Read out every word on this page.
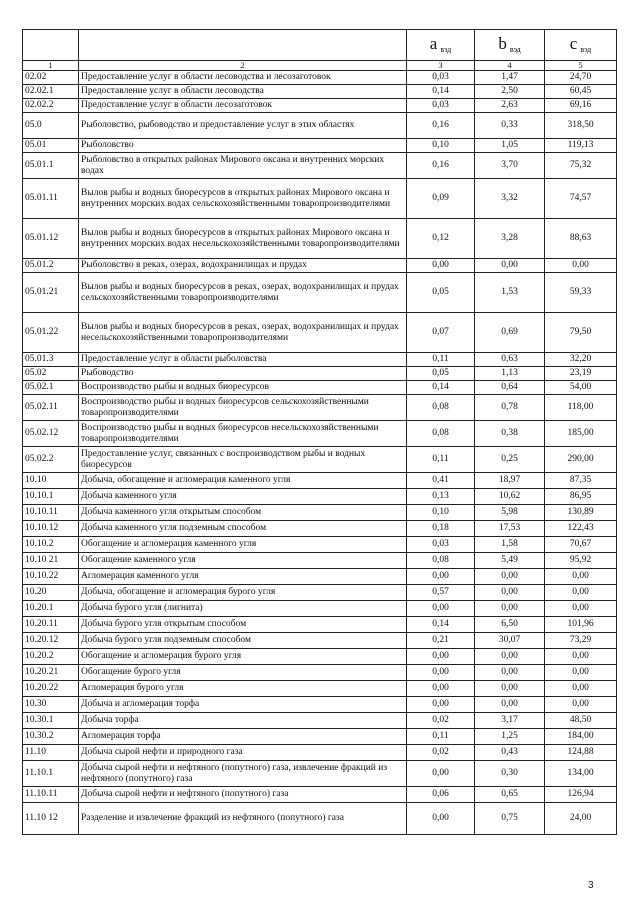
		a $_{вэд}$	b $_{вэд}$	c $_{вэд}$
1	2	3	4	5
02.02	Предоставление услуг в области лесоводства и лесозаготовок	0,03	1,47	24,70
02.02.1	Предоставление услуг в области лесоводства	0,14	2,50	60,45
02.02.2	Предоставление услуг в области лесозаготовок	0,03	2,63	69,16
05.0	Рыболовство, рыбоводство и предоставление услуг в этих областях	0,16	0,33	318,50
05.01	Рыболовство	0,10	1,05	119,13
05.01.1	Рыболовство в открытых районах Мирового оксана и внутренних морских водах	0,16	3,70	75,32
05.01.11	Вылов рыбы и водных биоресурсов в открытых районах Мирового оксана и внутренних морских водах сельскохозяйственными товаропроизводителями	0,09	3,32	74,57
05.01.12	Вылов рыбы и водных биоресурсов в открытых районах Мирового оксана и внутренних морских водах несельскохозяйственными товаропроизводителями	0,12	3,28	88,63
05.01.2	Рыболовство в реках, озерах, водохранилищах и прудах	0,00	0,00	0,00
05.01.21	Вылов рыбы и водных биоресурсов в реках, озерах, водохранилищах и прудах сельскохозяйственными товаропроизводителями	0,05	1,53	59,33
05.01.22	Вылов рыбы и водных биоресурсов в реках, озерах, водохранилищах и прудах несельскохозяйственными товаропроизводителями	0,07	0,69	79,50
05.01.3	Предоставление услуг в области рыболовства	0,11	0,63	32,20
05.02	Рыбоводство	0,05	1,13	23,19
05.02.1	Воспроизводство рыбы и водных биоресурсов	0,14	0,64	54,00
05.02.11	Воспроизводство рыбы и водных биоресурсов сельскохозяйственными товаропроизводителями	0,08	0,78	118,00
05.02.12	Воспроизводство рыбы и водных биоресурсов несельскохозяйственными товаропроизводителями	0,08	0,38	185,00
05.02.2	Предоставление услуг, связанных с воспроизводством рыбы и водных биоресурсов	0,11	0,25	290,00
10.10	Добыча, обогащение и агломерация каменного угля	0,41	18,97	87,35
10.10.1	Добыча каменного угля	0,13	10,62	86,95
10.10.11	Добыча каменного угля открытым способом	0,10	5,98	130,89
10.10.12	Добыча каменного угля подземным способом	0,18	17,53	122,43
10.10.2	Обогащение и агломерация каменного угля	0,03	1,58	70,67
10.10 21	Обогащение каменного угля	0,08	5,49	95,92
10.10.22	Агломерация каменного угля	0,00	0,00	0,00
10.20	Добыча, обогащение и агломерация бурого угля	0,57	0,00	0,00
10.20.1	Добыча бурого угля (лигнита)	0,00	0,00	0,00
10.20.11	Добыча бурого угля открытым способом	0,14	6,50	101,96
10.20.12	Добыча бурого угля подземным способом	0,21	30,07	73,29
10.20.2	Обогащение и агломерация бурого угля	0,00	0,00	0,00
10.20.21	Обогащение бурого угля	0,00	0,00	0,00
10.20.22	Агломерация бурого угля	0,00	0,00	0,00
10.30	Добыча и агломерация торфа	0,00	0,00	0,00
10.30.1	Добыча торфа	0,02	3,17	48,50
10.30.2	Агломерация торфа	0,11	1,25	184,00
11.10	Добыча сырой нефти и природного газа	0,02	0,43	124,88
11.10.1	Добыча сырой нефти и нефтяного (попутного) газа, извлечение фракций из нефтяного (попутного) газа	0,00	0,30	134,00
11.10.11	Добыча сырой нефти и нефтяного (попутного) газа	0,06	0,65	126,94
11.10 12	Разделение и извлечение фракций из нефтяного (попутного) газа	0,00	0,75	24,00
3
